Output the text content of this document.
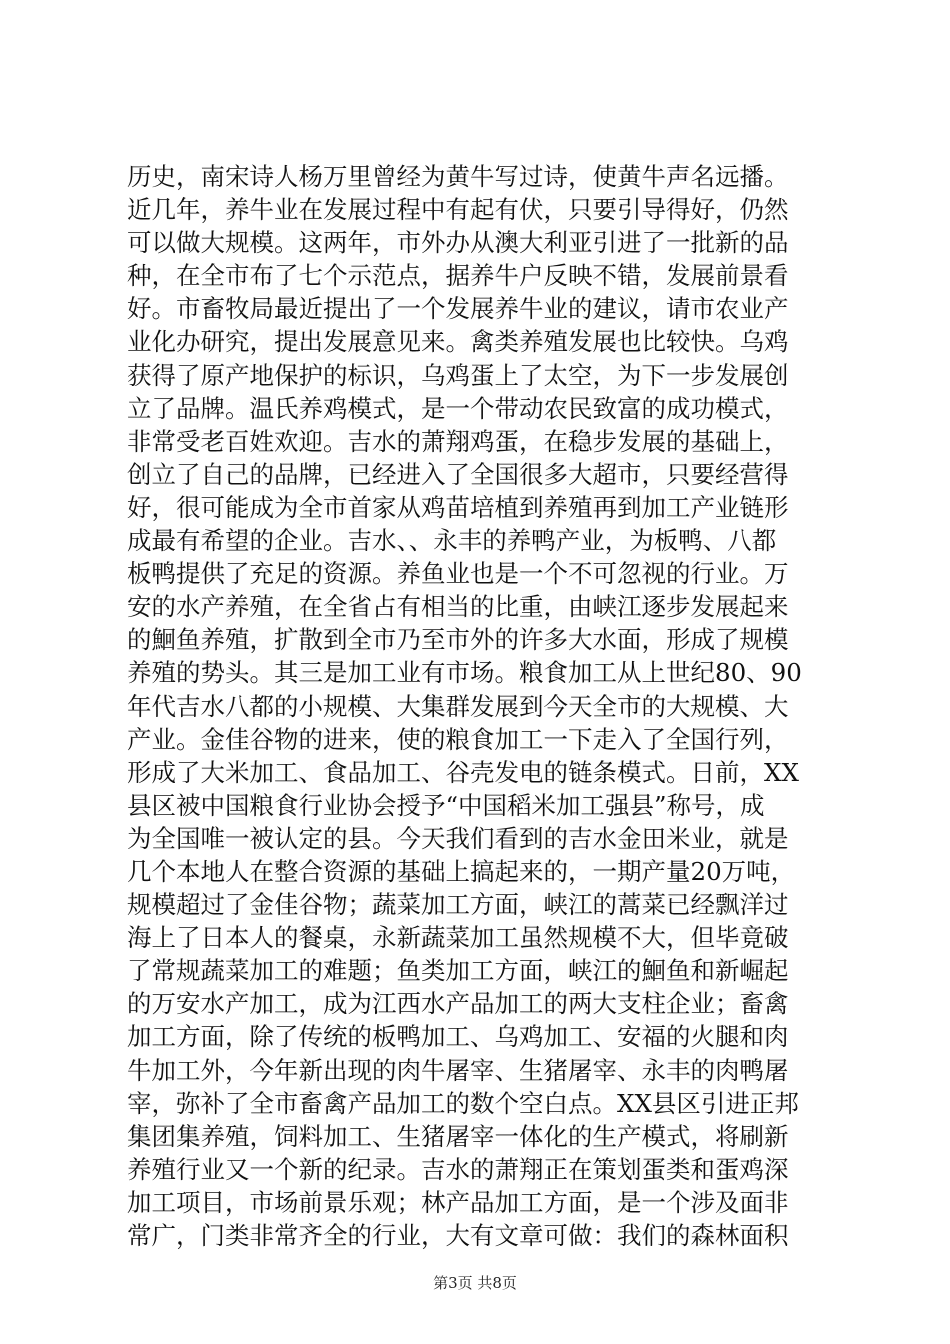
历史，南宋诗人杨万里曾经为黄牛写过诗，使黄牛声名远播。
近几年，养牛业在发展过程中有起有伏，只要引导得好，仍然
可以做大规模。这两年，市外办从澳大利亚引进了一批新的品
种，在全市布了七个示范点，据养牛户反映不错，发展前景看
好。市畜牧局最近提出了一个发展养牛业的建议，请市农业产
业化办研究，提出发展意见来。禽类养殖发展也比较快。乌鸡
获得了原产地保护的标识，乌鸡蛋上了太空，为下一步发展创
立了品牌。温氏养鸡模式，是一个带动农民致富的成功模式，
非常受老百姓欢迎。吉水的萧翔鸡蛋，在稳步发展的基础上，
创立了自己的品牌，已经进入了全国很多大超市，只要经营得
好，很可能成为全市首家从鸡苗培植到养殖再到加工产业链形
成最有希望的企业。吉水、、永丰的养鸭产业，为板鸭、八都
板鸭提供了充足的资源。养鱼业也是一个不可忽视的行业。万
安的水产养殖，在全省占有相当的比重，由峡江逐步发展起来
的鮰鱼养殖，扩散到全市乃至市外的许多大水面，形成了规模
养殖的势头。其三是加工业有市场。粮食加工从上世纪80、90
年代吉水八都的小规模、大集群发展到今天全市的大规模、大
产业。金佳谷物的进来，使的粮食加工一下走入了全国行列，
形成了大米加工、食品加工、谷壳发电的链条模式。日前，XX
县区被中国粮食行业协会授予“中国稻米加工强县”称号，成
为全国唯一被认定的县。今天我们看到的吉水金田米业，就是
几个本地人在整合资源的基础上搞起来的，一期产量20万吨，
规模超过了金佳谷物；蔬菜加工方面，峡江的蒿菜已经飘洋过
海上了日本人的餐桌，永新蔬菜加工虽然规模不大，但毕竟破
了常规蔬菜加工的难题；鱼类加工方面，峡江的鮰鱼和新崛起
的万安水产加工，成为江西水产品加工的两大支柱企业；畜禽
加工方面，除了传统的板鸭加工、乌鸡加工、安福的火腿和肉
牛加工外，今年新出现的肉牛屠宰、生猪屠宰、永丰的肉鸭屠
宰，弥补了全市畜禽产品加工的数个空白点。XX县区引进正邦
集团集养殖，饲料加工、生猪屠宰一体化的生产模式，将刷新
养殖行业又一个新的纪录。吉水的萧翔正在策划蛋类和蛋鸡深
加工项目，市场前景乐观；林产品加工方面，是一个涉及面非
常广，门类非常齐全的行业，大有文章可做：我们的森林面积
第3页 共8页
